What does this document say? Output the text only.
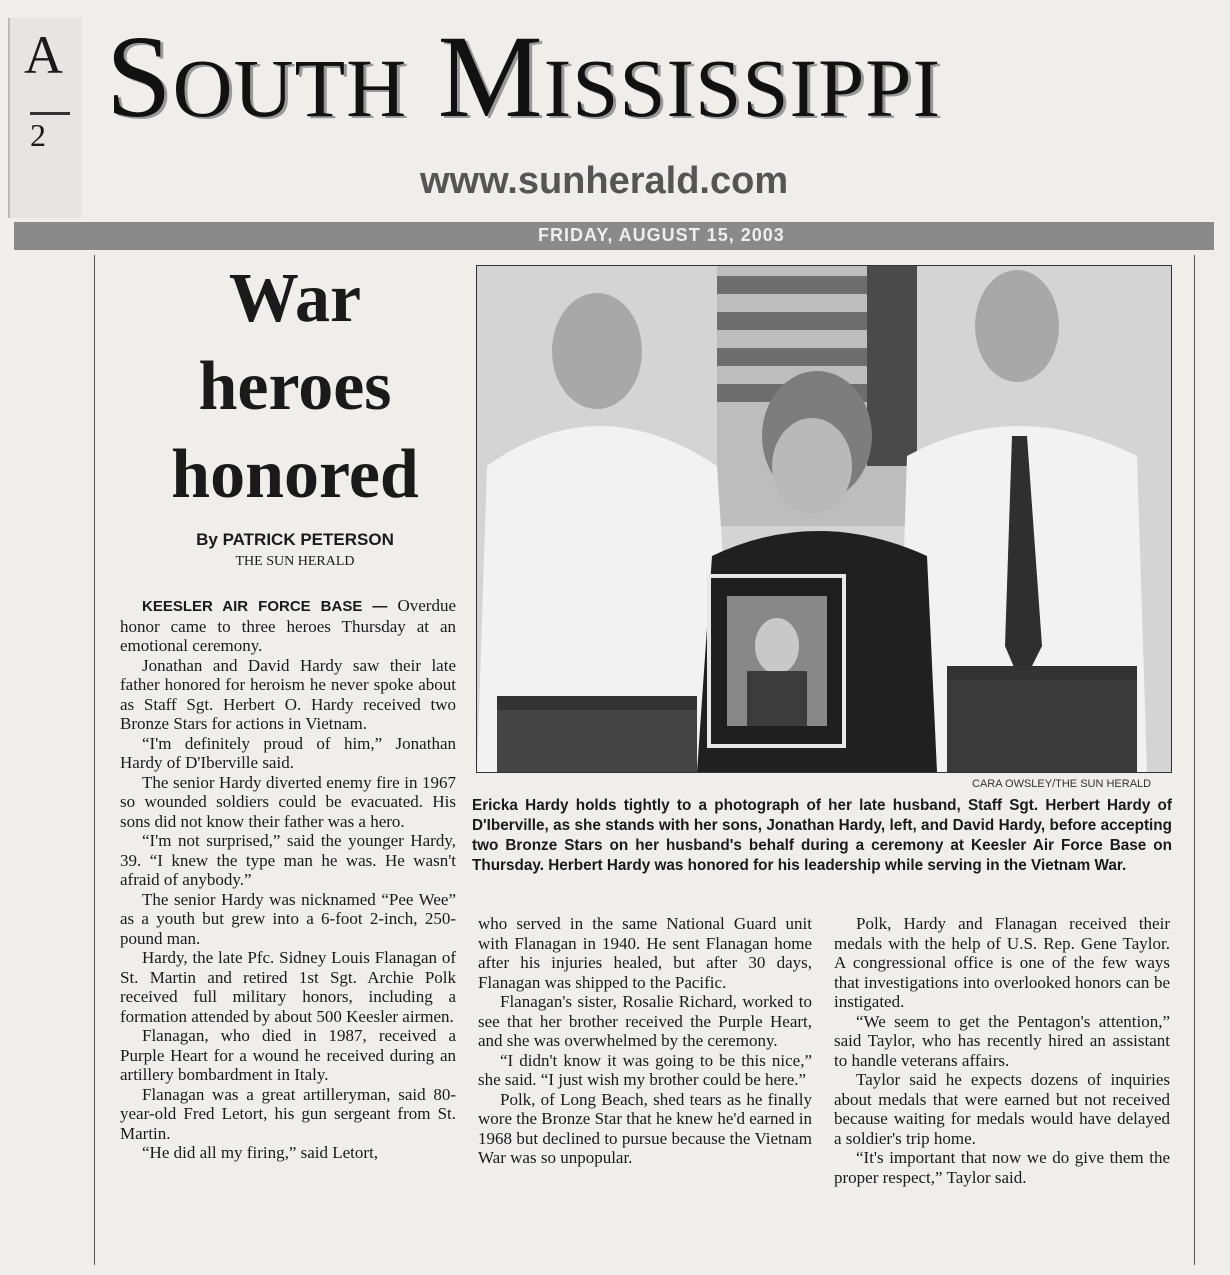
A
2 South Mississippi
www.sunherald.com
FRIDAY, AUGUST 15, 2003
War
heroes
honored
By PATRICK PETERSON
THE SUN HERALD

KEESLER AIR FORCE BASE — Overdue honor came to three heroes Thursday at an emotional ceremony.

Jonathan and David Hardy saw their late father honored for heroism he never spoke about as Staff Sgt. Herbert O. Hardy received two Bronze Stars for actions in Vietnam.

“I'm definitely proud of him,” Jonathan Hardy of D'Iberville said.

The senior Hardy diverted enemy fire in 1967 so wounded soldiers could be evacuated. His sons did not know their father was a hero.

“I'm not surprised,” said the younger Hardy, 39. “I knew the type man he was. He wasn't afraid of anybody.”

The senior Hardy was nicknamed “Pee Wee” as a youth but grew into a 6-foot 2-inch, 250-pound man.

Hardy, the late Pfc. Sidney Louis Flanagan of St. Martin and retired 1st Sgt. Archie Polk received full military honors, including a formation attended by about 500 Keesler airmen.

Flanagan, who died in 1987, received a Purple Heart for a wound he received during an artillery bombardment in Italy.

Flanagan was a great artilleryman, said 80-year-old Fred Letort, his gun sergeant from St. Martin.

“He did all my firing,” said Letort,

CARA OWSLEY/THE SUN HERALD
Ericka Hardy holds tightly to a photograph of her late husband, Staff Sgt. Herbert Hardy of D'Iberville, as she stands with her sons, Jonathan Hardy, left, and David Hardy, before accepting two Bronze Stars on her husband's behalf during a ceremony at Keesler Air Force Base on Thursday. Herbert Hardy was honored for his leadership while serving in the Vietnam War.

who served in the same National Guard unit with Flanagan in 1940. He sent Flanagan home after his injuries healed, but after 30 days, Flanagan was shipped to the Pacific.

Flanagan's sister, Rosalie Richard, worked to see that her brother received the Purple Heart, and she was overwhelmed by the ceremony.

“I didn't know it was going to be this nice,” she said. “I just wish my brother could be here.”

Polk, of Long Beach, shed tears as he finally wore the Bronze Star that he knew he'd earned in 1968 but declined to pursue because the Vietnam War was so unpopular.

Polk, Hardy and Flanagan received their medals with the help of U.S. Rep. Gene Taylor. A congressional office is one of the few ways that investigations into overlooked honors can be instigated.

“We seem to get the Pentagon's attention,” said Taylor, who has recently hired an assistant to handle veterans affairs.

Taylor said he expects dozens of inquiries about medals that were earned but not received because waiting for medals would have delayed a soldier's trip home.

“It's important that now we do give them the proper respect,” Taylor said.
